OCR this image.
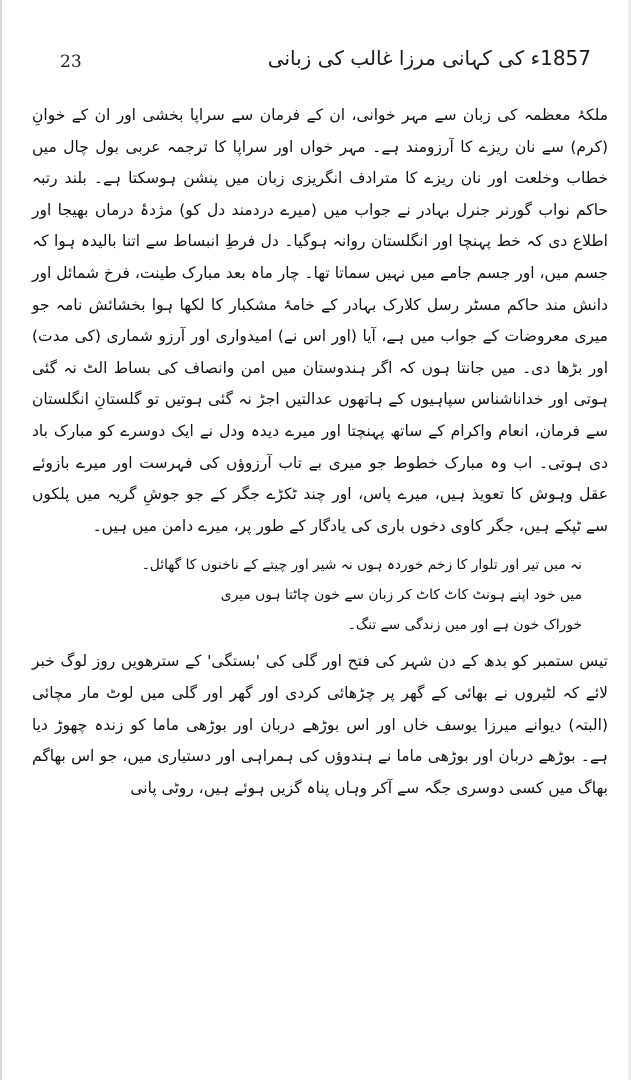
23	1857ء کی کہانی مرزا غالب کی زبانی

ملکۂ معظمہ کی زبان سے مہر خوانی، ان کے فرمان سے سراپا بخشی اور ان کے خوانِ (کرم) سے نان ریزے کا آرزومند ہے۔ مہر خواں اور سراپا کا ترجمہ عربی بول چال میں خطاب وخلعت اور نان ریزے کا مترادف انگریزی زبان میں پنشن ہوسکتا ہے۔ بلند رتبہ حاکم نواب گورنر جنرل بہادر نے جواب میں (میرے دردمند دل کو) مژدۂ درماں بھیجا اور اطلاع دی کہ خط پہنچا اور انگلستان روانہ ہوگیا۔ دل فرطِ انبساط سے اتنا بالیدہ ہوا کہ جسم میں، اور جسم جامے میں نہیں سماتا تھا۔ چار ماہ بعد مبارک طینت، فرخ شمائل اور دانش مند حاکم مسٹر رسل کلارک بہادر کے خامۂ مشکبار کا لکھا ہوا بخشائش نامہ جو میری معروضات کے جواب میں ہے، آیا (اور اس نے) امیدواری اور آرزو شماری (کی مدت) اور بڑھا دی۔ میں جانتا ہوں کہ اگر ہندوستان میں امن وانصاف کی بساط الٹ نہ گئی ہوتی اور خداناشناس سپاہیوں کے ہاتھوں عدالتیں اجڑ نہ گئی ہوتیں تو گلستانِ انگلستان سے فرمان، انعام واکرام کے ساتھ پہنچتا اور میرے دیدہ ودل نے ایک دوسرے کو مبارک باد دی ہوتی۔ اب وہ مبارک خطوط جو میری بے تاب آرزوؤں کی فہرست اور میرے بازوئے عقل وہوش کا تعویذ ہیں، میرے پاس، اور چند ٹکڑے جگر کے جو جوشِ گریہ میں پلکوں سے ٹپکے ہیں، جگر کاوی دخوں باری کی یادگار کے طور پر، میرے دامن میں ہیں۔

نہ میں تیر اور تلوار کا زخم خوردہ ہوں نہ شیر اور چیتے کے ناخنوں کا گھائل۔
میں خود اپنے ہونٹ کاٹ کاٹ کر زبان سے خون چاٹتا ہوں میری
خوراک خون ہے اور میں زندگی سے تنگ۔

تیس ستمبر کو بدھ کے دن شہر کی فتح اور گلی کی 'بستگی' کے سترھویں روز لوگ خبر لائے کہ لٹیروں نے بھائی کے گھر پر چڑھائی کردی اور گھر اور گلی میں لوٹ مار مچائی (البتہ) دیوانے میرزا یوسف خاں اور اس بوڑھے دربان اور بوڑھی ماما کو زندہ چھوڑ دیا ہے۔ بوڑھے دربان اور بوڑھی ماما نے ہندوؤں کی ہمراہی اور دستیاری میں، جو اس بھاگم بھاگ میں کسی دوسری جگہ سے آکر وہاں پناہ گزیں ہوئے ہیں، روٹی پانی
